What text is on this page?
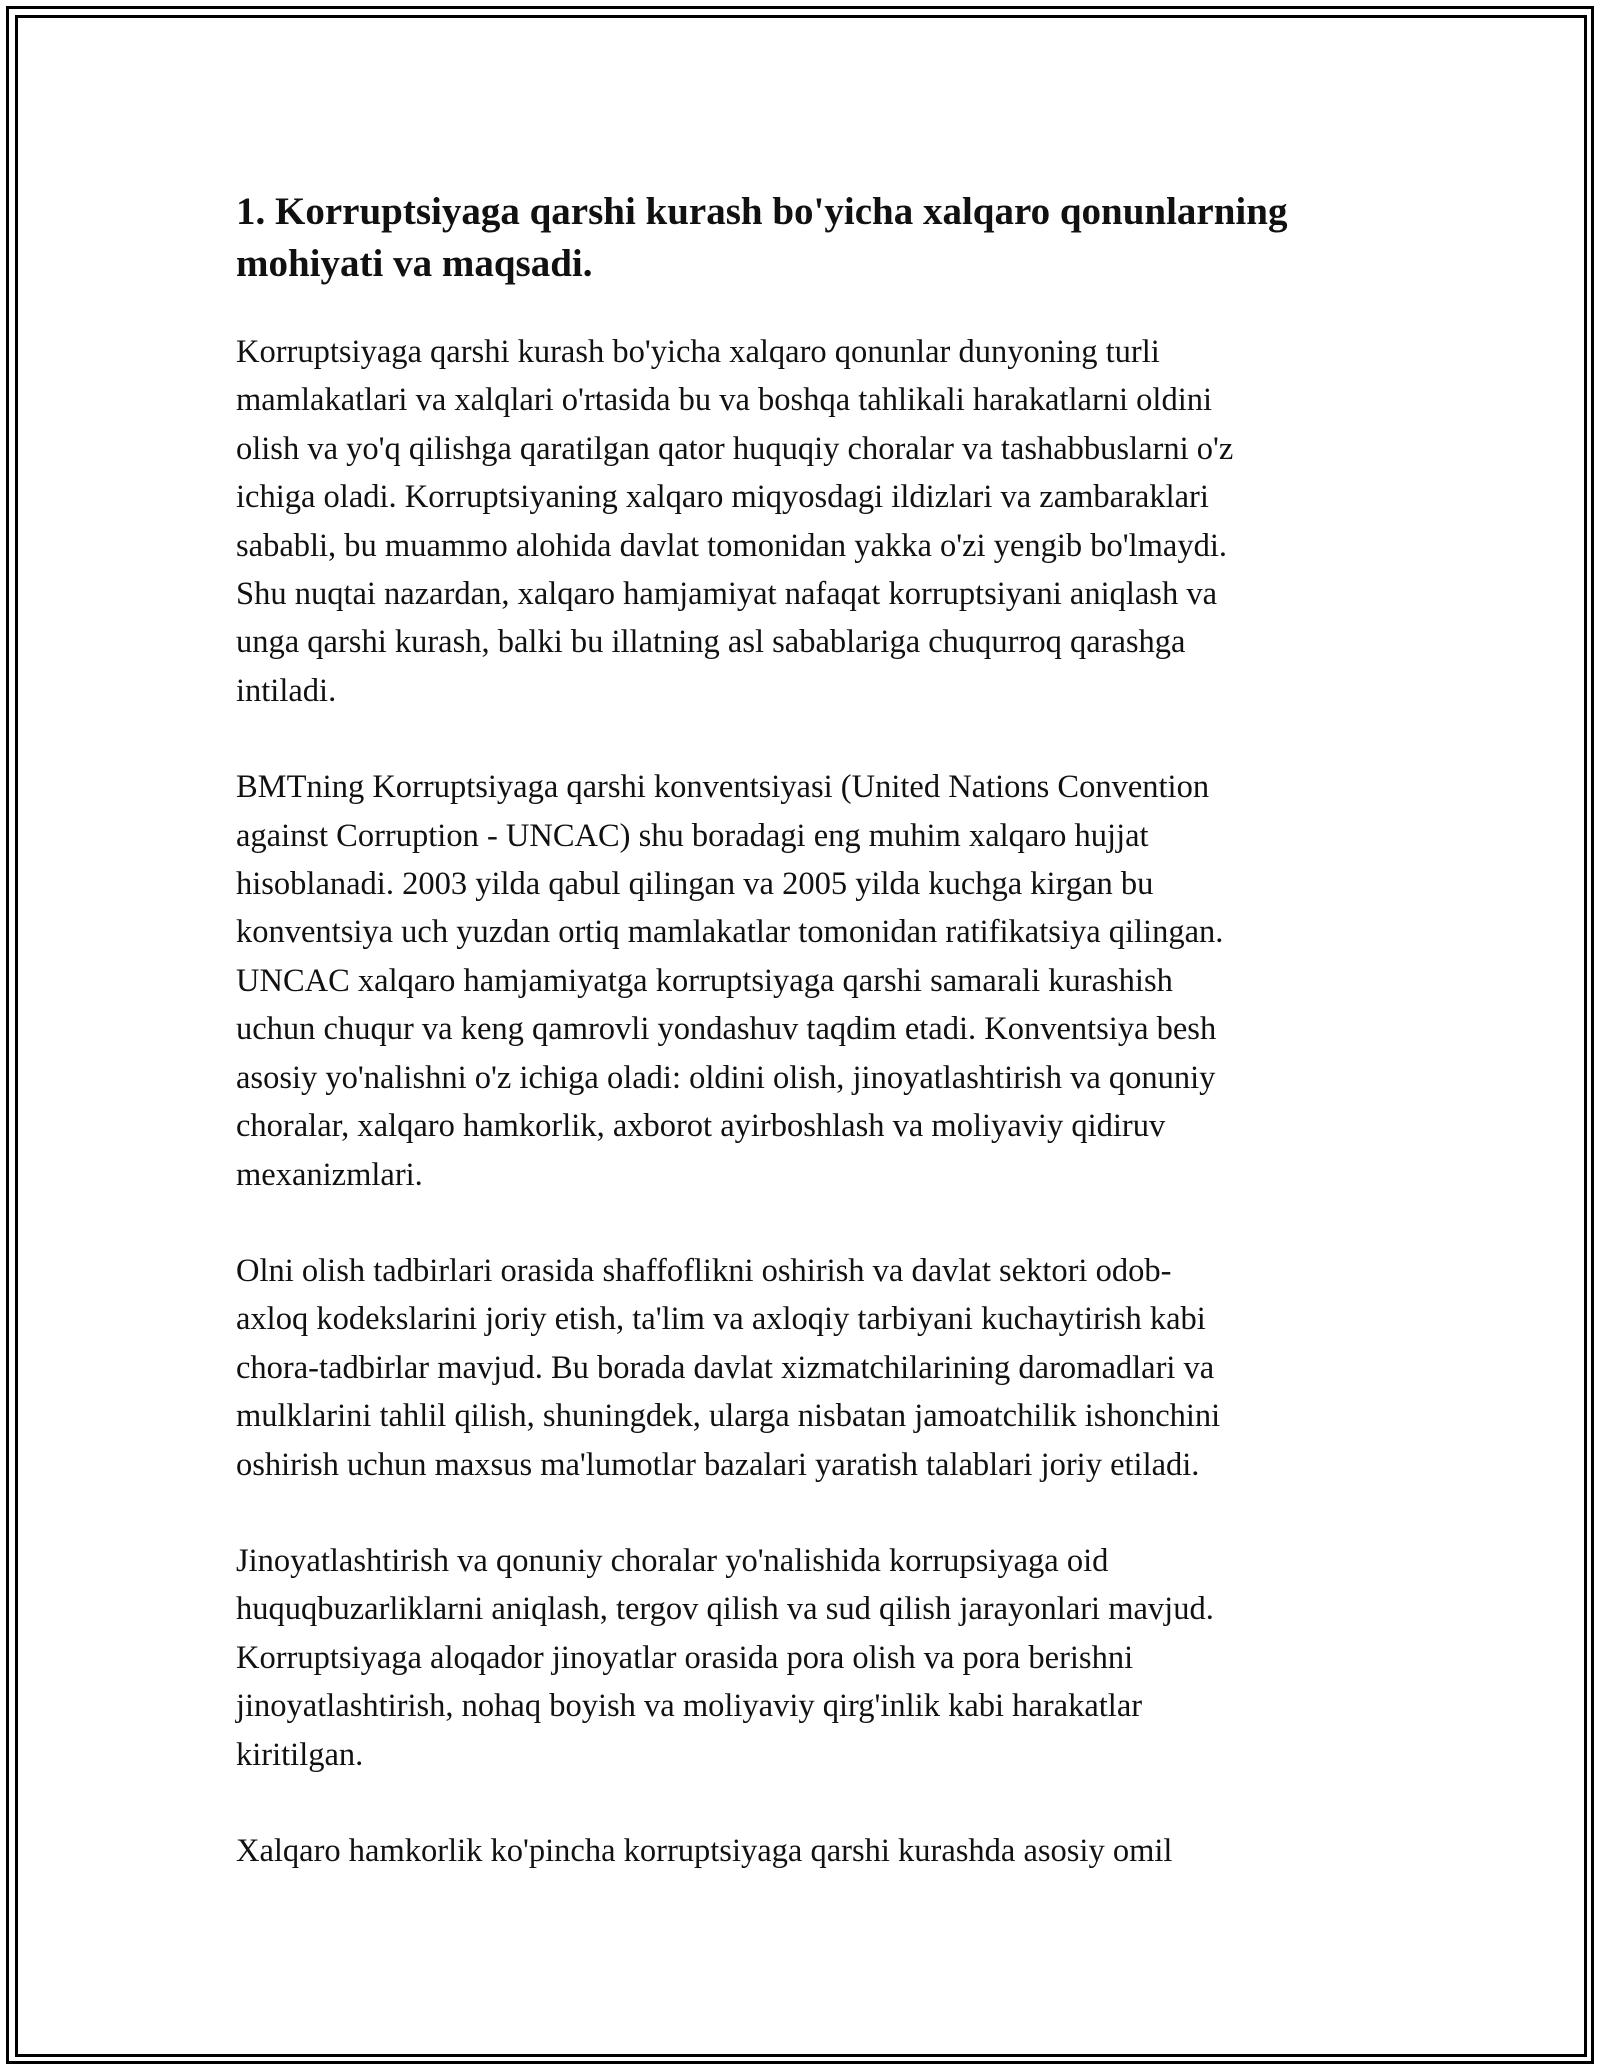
1. Korruptsiyaga qarshi kurash bo'yicha xalqaro qonunlarning
mohiyati va maqsadi.
Korruptsiyaga qarshi kurash bo'yicha xalqaro qonunlar dunyoning turli
mamlakatlari va xalqlari o'rtasida bu va boshqa tahlikali harakatlarni oldini
olish va yo'q qilishga qaratilgan qator huquqiy choralar va tashabbuslarni o'z
ichiga oladi. Korruptsiyaning xalqaro miqyosdagi ildizlari va zambaraklari
sababli, bu muammo alohida davlat tomonidan yakka o'zi yengib bo'lmaydi.
Shu nuqtai nazardan, xalqaro hamjamiyat nafaqat korruptsiyani aniqlash va
unga qarshi kurash, balki bu illatning asl sabablariga chuqurroq qarashga
intiladi.
BMTning Korruptsiyaga qarshi konventsiyasi (United Nations Convention
against Corruption - UNCAC) shu boradagi eng muhim xalqaro hujjat
hisoblanadi. 2003 yilda qabul qilingan va 2005 yilda kuchga kirgan bu
konventsiya uch yuzdan ortiq mamlakatlar tomonidan ratifikatsiya qilingan.
UNCAC xalqaro hamjamiyatga korruptsiyaga qarshi samarali kurashish
uchun chuqur va keng qamrovli yondashuv taqdim etadi. Konventsiya besh
asosiy yo'nalishni o'z ichiga oladi: oldini olish, jinoyatlashtirish va qonuniy
choralar, xalqaro hamkorlik, axborot ayirboshlash va moliyaviy qidiruv
mexanizmlari.
Olni olish tadbirlari orasida shaffoflikni oshirish va davlat sektori odob-
axloq kodekslarini joriy etish, ta'lim va axloqiy tarbiyani kuchaytirish kabi
chora-tadbirlar mavjud. Bu borada davlat xizmatchilarining daromadlari va
mulklarini tahlil qilish, shuningdek, ularga nisbatan jamoatchilik ishonchini
oshirish uchun maxsus ma'lumotlar bazalari yaratish talablari joriy etiladi.
Jinoyatlashtirish va qonuniy choralar yo'nalishida korrupsiyaga oid
huquqbuzarliklarni aniqlash, tergov qilish va sud qilish jarayonlari mavjud.
Korruptsiyaga aloqador jinoyatlar orasida pora olish va pora berishni
jinoyatlashtirish, nohaq boyish va moliyaviy qirg'inlik kabi harakatlar
kiritilgan.
Xalqaro hamkorlik ko'pincha korruptsiyaga qarshi kurashda asosiy omil
